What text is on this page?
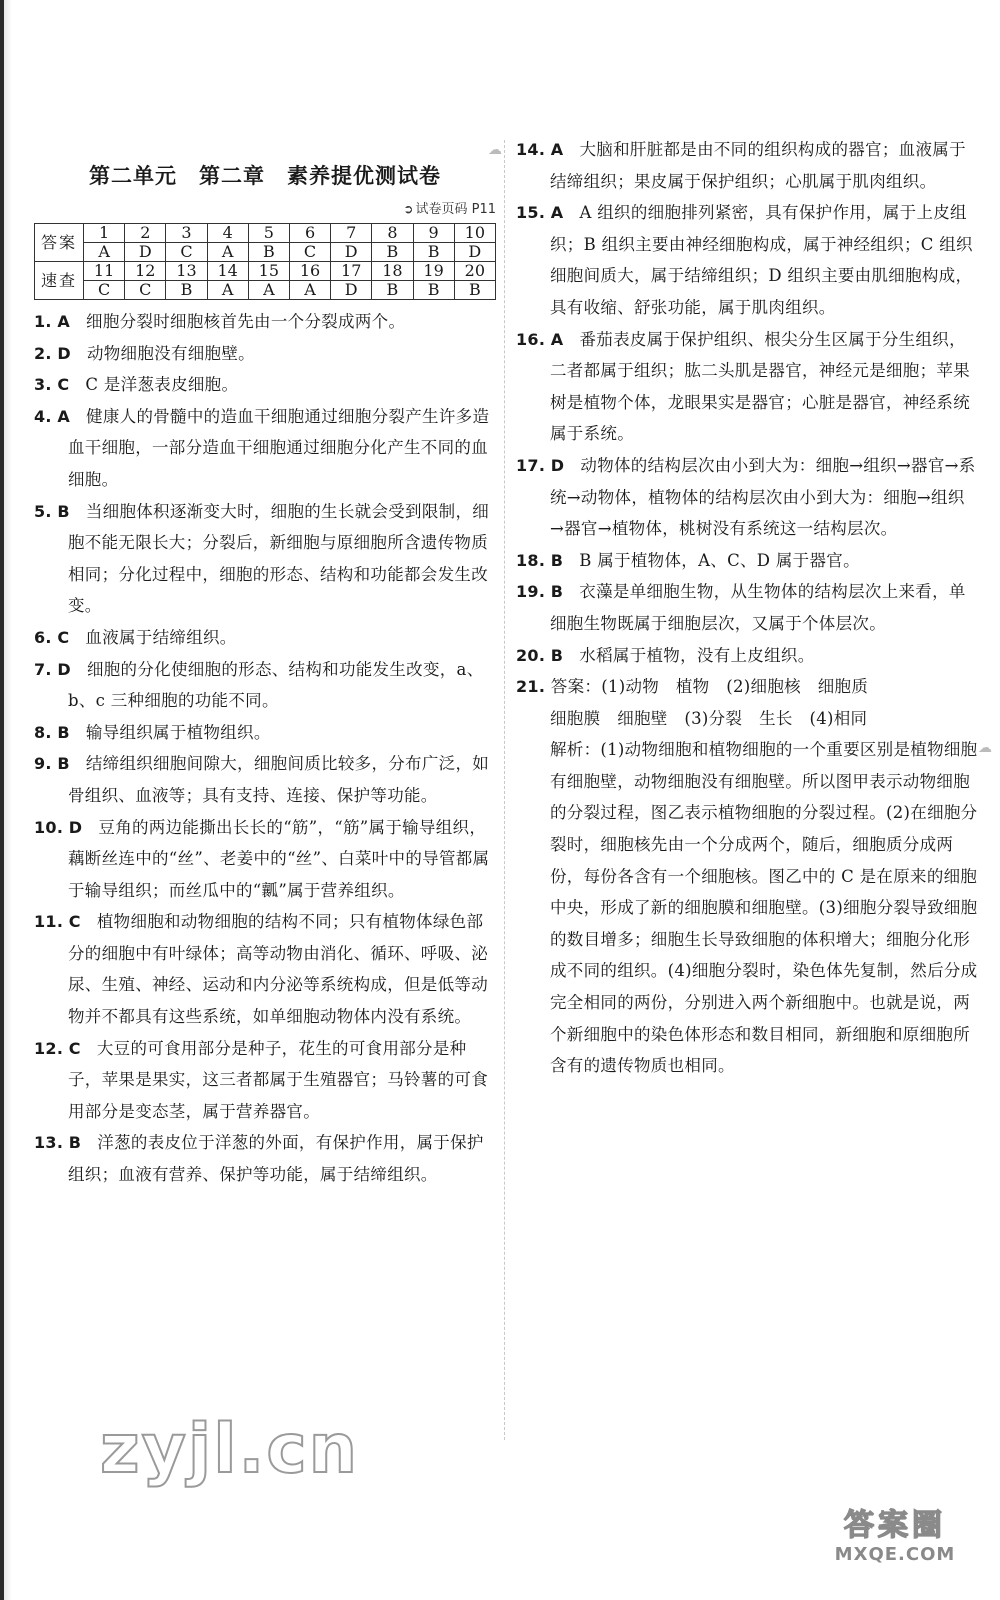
第二单元　第二章　素养提优测试卷
➲ 试卷页码 P11
答案	1	2	3	4	5	6	7	8	9	10
	A	D	C	A	B	C	D	B	B	D
速查	11	12	13	14	15	16	17	18	19	20
	C	C	B	A	A	A	D	B	B	B
1. A 细胞分裂时细胞核首先由一个分裂成两个。
2. D 动物细胞没有细胞壁。
3. C C 是洋葱表皮细胞。
4. A 健康人的骨髓中的造血干细胞通过细胞分裂产生许多造血干细胞，一部分造血干细胞通过细胞分化产生不同的血细胞。
5. B 当细胞体积逐渐变大时，细胞的生长就会受到限制，细胞不能无限长大；分裂后，新细胞与原细胞所含遗传物质相同；分化过程中，细胞的形态、结构和功能都会发生改变。
6. C 血液属于结缔组织。
7. D 细胞的分化使细胞的形态、结构和功能发生改变，a、b、c 三种细胞的功能不同。
8. B 输导组织属于植物组织。
9. B 结缔组织细胞间隙大，细胞间质比较多，分布广泛，如骨组织、血液等；具有支持、连接、保护等功能。
10. D 豆角的两边能撕出长长的“筋”，“筋”属于输导组织，藕断丝连中的“丝”、老姜中的“丝”、白菜叶中的导管都属于输导组织；而丝瓜中的“瓤”属于营养组织。
11. C 植物细胞和动物细胞的结构不同；只有植物体绿色部分的细胞中有叶绿体；高等动物由消化、循环、呼吸、泌尿、生殖、神经、运动和内分泌等系统构成，但是低等动物并不都具有这些系统，如单细胞动物体内没有系统。
12. C 大豆的可食用部分是种子，花生的可食用部分是种子，苹果是果实，这三者都属于生殖器官；马铃薯的可食用部分是变态茎，属于营养器官。
13. B 洋葱的表皮位于洋葱的外面，有保护作用，属于保护组织；血液有营养、保护等功能，属于结缔组织。
14. A 大脑和肝脏都是由不同的组织构成的器官；血液属于结缔组织；果皮属于保护组织；心肌属于肌肉组织。
15. A A 组织的细胞排列紧密，具有保护作用，属于上皮组织；B 组织主要由神经细胞构成，属于神经组织；C 组织细胞间质大，属于结缔组织；D 组织主要由肌细胞构成，具有收缩、舒张功能，属于肌肉组织。
16. A 番茄表皮属于保护组织、根尖分生区属于分生组织，二者都属于组织；肱二头肌是器官，神经元是细胞；苹果树是植物个体，龙眼果实是器官；心脏是器官，神经系统属于系统。
17. D 动物体的结构层次由小到大为：细胞→组织→器官→系统→动物体，植物体的结构层次由小到大为：细胞→组织→器官→植物体，桃树没有系统这一结构层次。
18. B B 属于植物体，A、C、D 属于器官。
19. B 衣藻是单细胞生物，从生物体的结构层次上来看，单细胞生物既属于细胞层次，又属于个体层次。
20. B 水稻属于植物，没有上皮组织。
21. 答案：(1)动物　植物　(2)细胞核　细胞质
细胞膜　细胞壁　(3)分裂　生长　(4)相同
解析：(1)动物细胞和植物细胞的一个重要区别是植物细胞有细胞壁，动物细胞没有细胞壁。所以图甲表示动物细胞的分裂过程，图乙表示植物细胞的分裂过程。(2)在细胞分裂时，细胞核先由一个分成两个，随后，细胞质分成两份，每份各含有一个细胞核。图乙中的 C 是在原来的细胞中央，形成了新的细胞膜和细胞壁。(3)细胞分裂导致细胞的数目增多；细胞生长导致细胞的体积增大；细胞分化形成不同的组织。(4)细胞分裂时，染色体先复制，然后分成完全相同的两份，分别进入两个新细胞中。也就是说，两个新细胞中的染色体形态和数目相同，新细胞和原细胞所含有的遗传物质也相同。
☁
☁
zyjl.cn
答案圈
MXQE.COM
